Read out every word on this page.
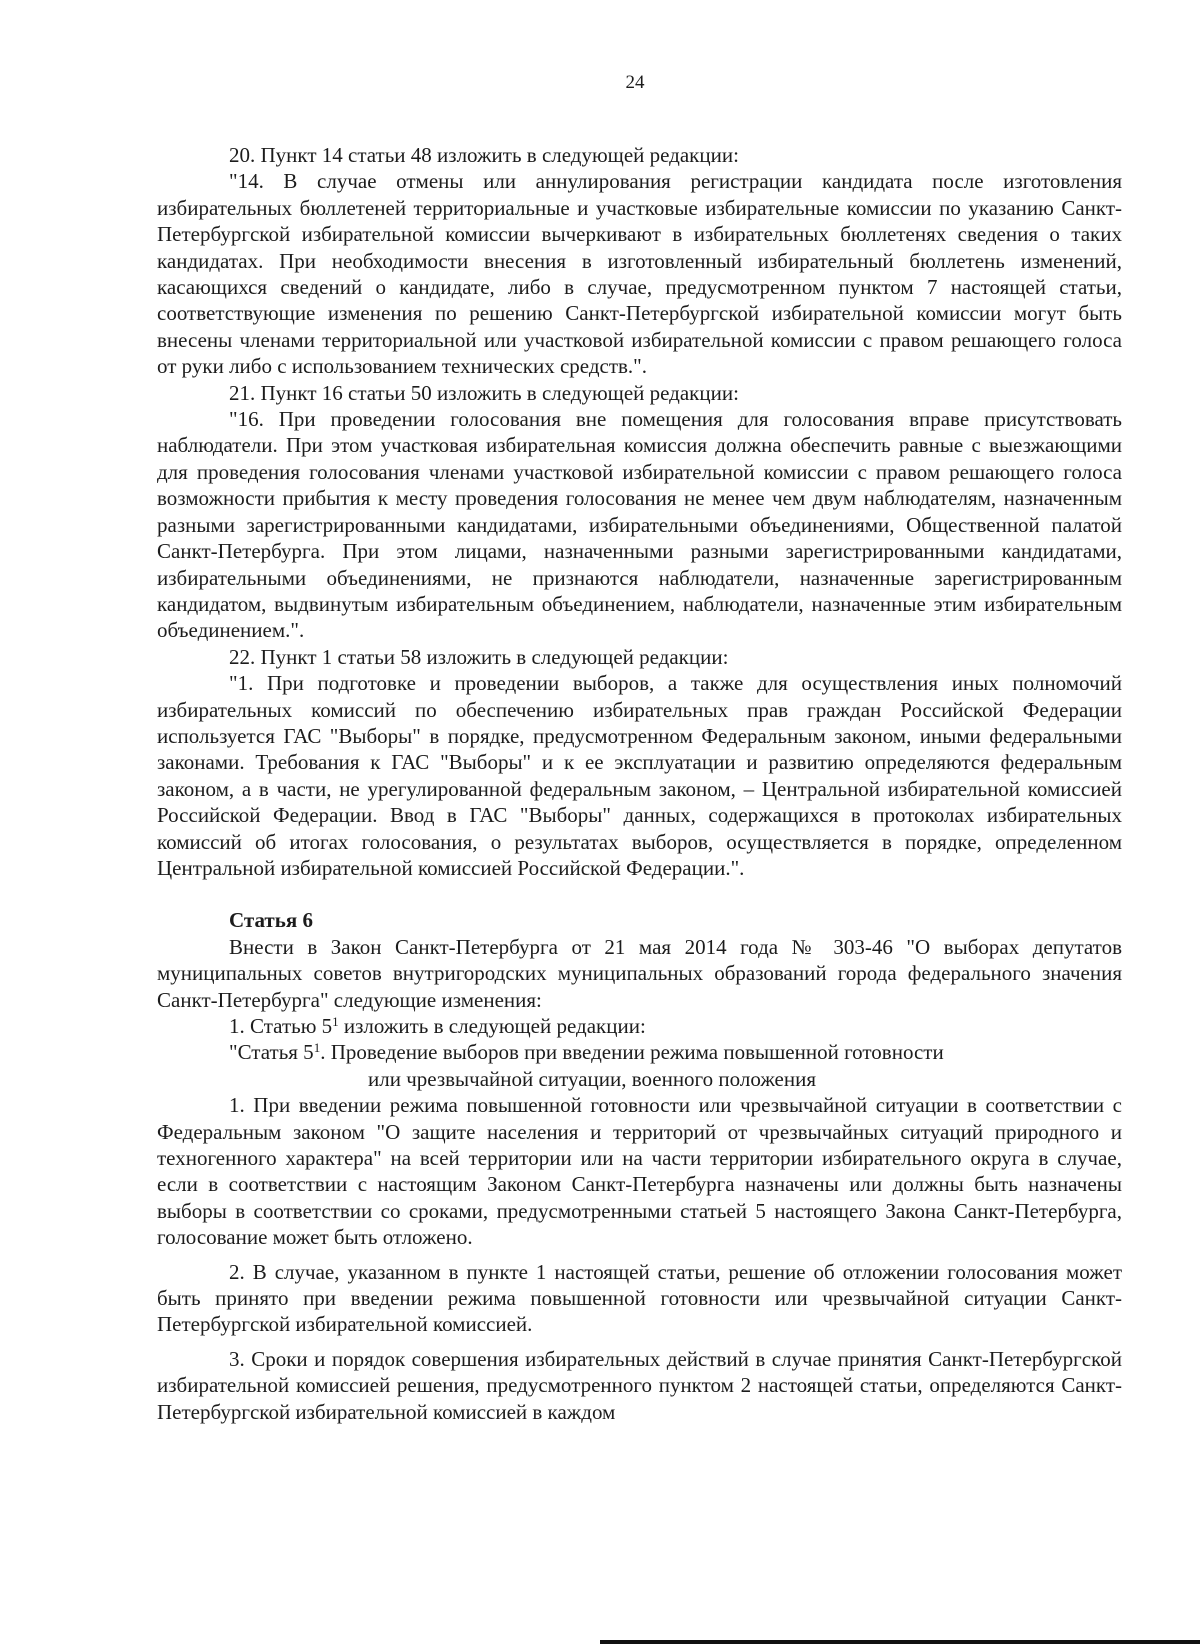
24

20. Пункт 14 статьи 48 изложить в следующей редакции:

"14. В случае отмены или аннулирования регистрации кандидата после изготовления избирательных бюллетеней территориальные и участковые избирательные комиссии по указанию Санкт-Петербургской избирательной комиссии вычеркивают в избирательных бюллетенях сведения о таких кандидатах. При необходимости внесения в изготовленный избирательный бюллетень изменений, касающихся сведений о кандидате, либо в случае, предусмотренном пунктом 7 настоящей статьи, соответствующие изменения по решению Санкт-Петербургской избирательной комиссии могут быть внесены членами территориальной или участковой избирательной комиссии с правом решающего голоса от руки либо с использованием технических средств.".

21. Пункт 16 статьи 50 изложить в следующей редакции:

"16. При проведении голосования вне помещения для голосования вправе присутствовать наблюдатели. При этом участковая избирательная комиссия должна обеспечить равные с выезжающими для проведения голосования членами участковой избирательной комиссии с правом решающего голоса возможности прибытия к месту проведения голосования не менее чем двум наблюдателям, назначенным разными зарегистрированными кандидатами, избирательными объединениями, Общественной палатой Санкт-Петербурга. При этом лицами, назначенными разными зарегистрированными кандидатами, избирательными объединениями, не признаются наблюдатели, назначенные зарегистрированным кандидатом, выдвинутым избирательным объединением, наблюдатели, назначенные этим избирательным объединением.".

22. Пункт 1 статьи 58 изложить в следующей редакции:

"1. При подготовке и проведении выборов, а также для осуществления иных полномочий избирательных комиссий по обеспечению избирательных прав граждан Российской Федерации используется ГАС "Выборы" в порядке, предусмотренном Федеральным законом, иными федеральными законами. Требования к ГАС "Выборы" и к ее эксплуатации и развитию определяются федеральным законом, а в части, не урегулированной федеральным законом, – Центральной избирательной комиссией Российской Федерации. Ввод в ГАС "Выборы" данных, содержащихся в протоколах избирательных комиссий об итогах голосования, о результатах выборов, осуществляется в порядке, определенном Центральной избирательной комиссией Российской Федерации.".

Статья 6

Внести в Закон Санкт-Петербурга от 21 мая 2014 года № 303-46 "О выборах депутатов муниципальных советов внутригородских муниципальных образований города федерального значения Санкт-Петербурга" следующие изменения:

1. Статью $5^1$ изложить в следующей редакции:

"Статья $5^1$. Проведение выборов при введении режима повышенной готовности

или чрезвычайной ситуации, военного положения

1. При введении режима повышенной готовности или чрезвычайной ситуации в соответствии с Федеральным законом "О защите населения и территорий от чрезвычайных ситуаций природного и техногенного характера" на всей территории или на части территории избирательного округа в случае, если в соответствии с настоящим Законом Санкт-Петербурга назначены или должны быть назначены выборы в соответствии со сроками, предусмотренными статьей 5 настоящего Закона Санкт-Петербурга, голосование может быть отложено.

2. В случае, указанном в пункте 1 настоящей статьи, решение об отложении голосования может быть принято при введении режима повышенной готовности или чрезвычайной ситуации Санкт-Петербургской избирательной комиссией.

3. Сроки и порядок совершения избирательных действий в случае принятия Санкт-Петербургской избирательной комиссией решения, предусмотренного пунктом 2 настоящей статьи, определяются Санкт-Петербургской избирательной комиссией в каждом
